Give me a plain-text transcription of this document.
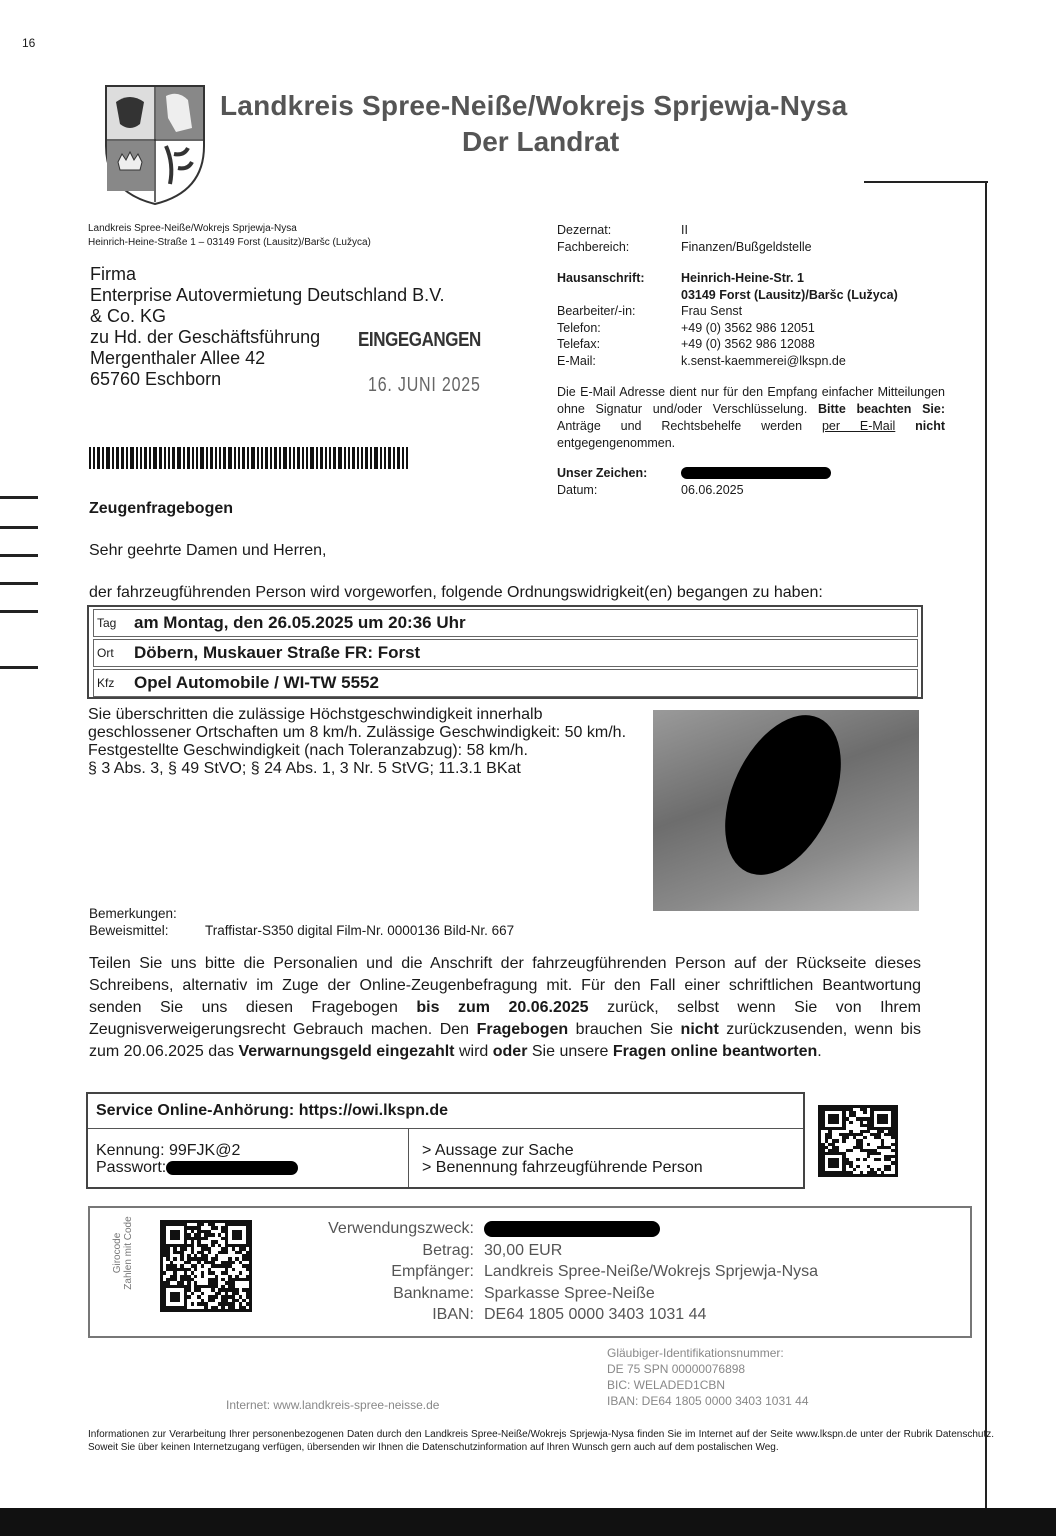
16
Landkreis Spree-Neiße/Wokrejs Sprjewja-Nysa
Der Landrat
Landkreis Spree-Neiße/Wokrejs Sprjewja-Nysa
Heinrich-Heine-Straße 1 – 03149 Forst (Lausitz)/Baršc (Lužyca)
Firma
Enterprise Autovermietung Deutschland B.V.
& Co. KG
zu Hd. der Geschäftsführung
Mergenthaler Allee 42
65760 Eschborn
EINGEGANGEN
16. JUNI 2025
Dezernat:	II
Fachbereich:	Finanzen/Bußgeldstelle
Hausanschrift:	Heinrich-Heine-Str. 1
03149 Forst (Lausitz)/Baršc (Lužyca)
Bearbeiter/-in:	Frau Senst
Telefon:	+49 (0) 3562 986 12051
Telefax:	+49 (0) 3562 986 12088
E-Mail:	k.senst-kaemmerei@lkspn.de
Die E-Mail Adresse dient nur für den Empfang einfacher Mitteilungen ohne Signatur und/oder Verschlüsselung. Bitte beachten Sie: Anträge und Rechtsbehelfe werden per E-Mail nicht entgegengenommen.
Unser Zeichen:
Datum:	06.06.2025
Zeugenfragebogen
Sehr geehrte Damen und Herren,
der fahrzeugführenden Person wird vorgeworfen, folgende Ordnungswidrigkeit(en) begangen zu haben:
Tag	am Montag, den 26.05.2025 um 20:36 Uhr
Ort	Döbern, Muskauer Straße FR: Forst
Kfz	Opel Automobile / WI-TW 5552
Sie überschritten die zulässige Höchstgeschwindigkeit innerhalb geschlossener Ortschaften um 8 km/h. Zulässige Geschwindigkeit: 50 km/h. Festgestellte Geschwindigkeit (nach Toleranzabzug): 58 km/h.
§ 3 Abs. 3, § 49 StVO; § 24 Abs. 1, 3 Nr. 5 StVG; 11.3.1 BKat
Bemerkungen:
Beweismittel:	Traffistar-S350 digital Film-Nr. 0000136 Bild-Nr. 667
Teilen Sie uns bitte die Personalien und die Anschrift der fahrzeugführenden Person auf der Rückseite dieses Schreibens, alternativ im Zuge der Online-Zeugenbefragung mit. Für den Fall einer schriftlichen Beantwortung senden Sie uns diesen Fragebogen bis zum 20.06.2025 zurück, selbst wenn Sie von Ihrem Zeugnisverweigerungsrecht Gebrauch machen. Den Fragebogen brauchen Sie nicht zurückzusenden, wenn bis zum 20.06.2025 das Verwarnungsgeld eingezahlt wird oder Sie unsere Fragen online beantworten.
Service Online-Anhörung: https://owi.lkspn.de
Kennung: 99FJK@2
Passwort:
> Aussage zur Sache
> Benennung fahrzeugführende Person
Girocode Zahlen mit Code	Verwendungszweck:
Betrag: 30,00 EUR
Empfänger: Landkreis Spree-Neiße/Wokrejs Sprjewja-Nysa
Bankname: Sparkasse Spree-Neiße
IBAN: DE64 1805 0000 3403 1031 44
Gläubiger-Identifikationsnummer:
DE 75 SPN 00000076898
BIC: WELADED1CBN
IBAN: DE64 1805 0000 3403 1031 44
Internet: www.landkreis-spree-neisse.de
Informationen zur Verarbeitung Ihrer personenbezogenen Daten durch den Landkreis Spree-Neiße/Wokrejs Sprjewja-Nysa finden Sie im Internet auf der Seite www.lkspn.de unter der Rubrik Datenschutz. Soweit Sie über keinen Internetzugang verfügen, übersenden wir Ihnen die Datenschutzinformation auf Ihren Wunsch gern auch auf dem postalischen Weg.
